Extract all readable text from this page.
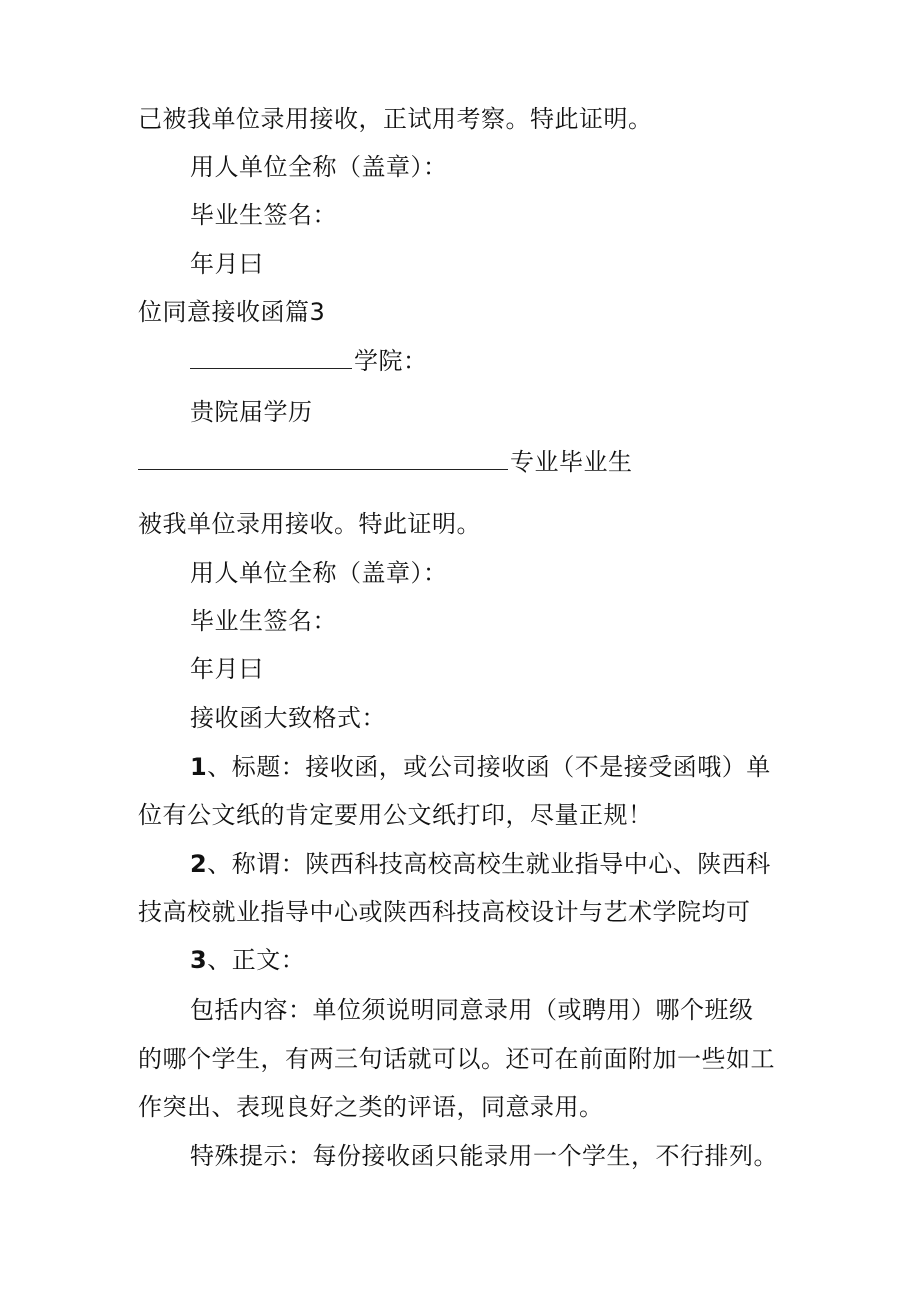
己被我单位录用接收，正试用考察。特此证明。
用人单位全称（盖章）：
毕业生签名：
年月曰
位同意接收函篇3
学院：
贵院届学历
专业毕业生
被我单位录用接收。特此证明。
用人单位全称（盖章）：
毕业生签名：
年月曰
接收函大致格式：
1、标题：接收函，或公司接收函（不是接受函哦）单
位有公文纸的肯定要用公文纸打印，尽量正规！
2、称谓：陕西科技高校高校生就业指导中心、陕西科
技高校就业指导中心或陕西科技高校设计与艺术学院均可
3、正文：
包括内容：单位须说明同意录用（或聘用）哪个班级
的哪个学生，有两三句话就可以。还可在前面附加一些如工
作突出、表现良好之类的评语，同意录用。
特殊提示：每份接收函只能录用一个学生，不行排列。
